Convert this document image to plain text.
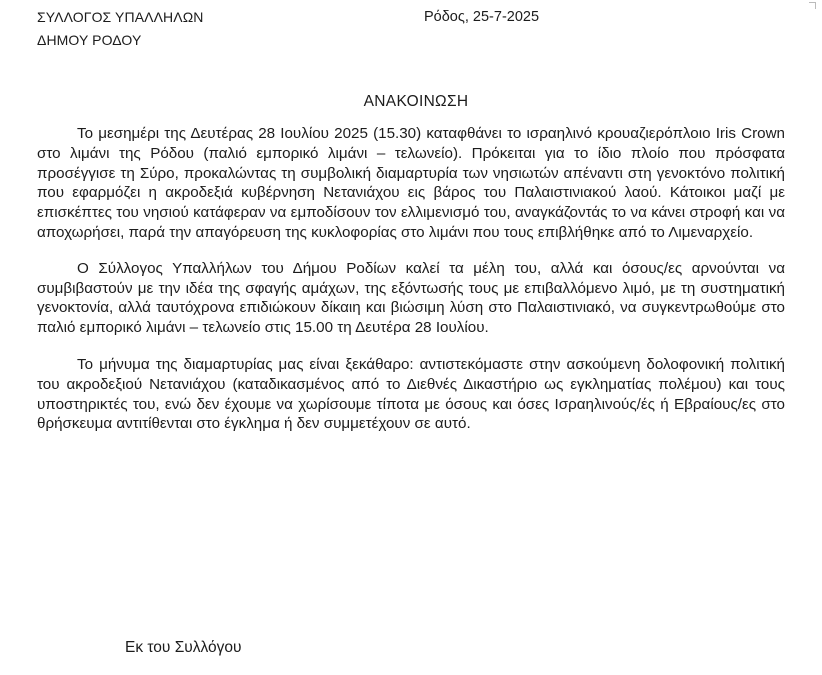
ΣΥΛΛΟΓΟΣ ΥΠΑΛΛΗΛΩΝ
ΔΗΜΟΥ ΡΟΔΟΥ
Ρόδος, 25-7-2025
ΑΝΑΚΟΙΝΩΣΗ

Το μεσημέρι της Δευτέρας 28 Ιουλίου 2025 (15.30) καταφθάνει το ισραηλινό κρουαζιερόπλοιο Iris Crown στο λιμάνι της Ρόδου (παλιό εμπορικό λιμάνι – τελωνείο). Πρόκειται για το ίδιο πλοίο που πρόσφατα προσέγγισε τη Σύρο, προκαλώντας τη συμβολική διαμαρτυρία των νησιωτών απέναντι στη γενοκτόνο πολιτική που εφαρμόζει η ακροδεξιά κυβέρνηση Νετανιάχου εις βάρος του Παλαιστινιακού λαού. Κάτοικοι μαζί με επισκέπτες του νησιού κατάφεραν να εμποδίσουν τον ελλιμενισμό του, αναγκάζοντάς το να κάνει στροφή και να αποχωρήσει, παρά την απαγόρευση της κυκλοφορίας στο λιμάνι που τους επιβλήθηκε από το Λιμεναρχείο.

Ο Σύλλογος Υπαλλήλων του Δήμου Ροδίων καλεί τα μέλη του, αλλά και όσους/ες αρνούνται να συμβιβαστούν με την ιδέα της σφαγής αμάχων, της εξόντωσής τους με επιβαλλόμενο λιμό, με τη συστηματική γενοκτονία, αλλά ταυτόχρονα επιδιώκουν δίκαιη και βιώσιμη λύση στο Παλαιστινιακό, να συγκεντρωθούμε στο παλιό εμπορικό λιμάνι – τελωνείο στις 15.00 τη Δευτέρα 28 Ιουλίου.

Το μήνυμα της διαμαρτυρίας μας είναι ξεκάθαρο: αντιστεκόμαστε στην ασκούμενη δολοφονική πολιτική του ακροδεξιού Νετανιάχου (καταδικασμένος από το Διεθνές Δικαστήριο ως εγκληματίας πολέμου) και τους υποστηρικτές του, ενώ δεν έχουμε να χωρίσουμε τίποτα με όσους και όσες Ισραηλινούς/ές ή Εβραίους/ες στο θρήσκευμα αντιτίθενται στο έγκλημα ή δεν συμμετέχουν σε αυτό.

Εκ του Συλλόγου
